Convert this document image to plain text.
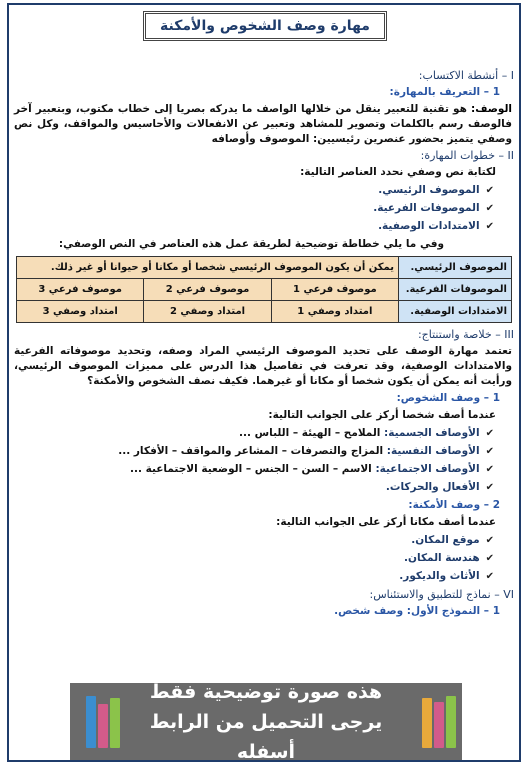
مهارة وصف الشخوص والأمكنة

I – أنشطة الاكتساب:

1 – التعريف بالمهارة:

الوصف: هو تقنية للتعبير ينقل من خلالها الواصف ما يدركه بصريا إلى خطاب مكتوب، وبتعبير آخر فالوصف رسم بالكلمات وتصوير للمشاهد وتعبير عن الانفعالات والأحاسيس والمواقف، وكل نص وصفي يتميز بحضور عنصرين رئيسيين: الموصوف وأوصافه

II – خطوات المهارة:

لكتابة نص وصفي نحدد العناصر التالية:

✔الموصوف الرئيسي.
✔الموصوفات الفرعية.
✔الامتدادات الوصفية.

وفي ما يلي خطاطة توضيحية لطريقة عمل هذه العناصر في النص الوصفي:

الموصوف الرئيسي.	يمكن أن يكون الموصوف الرئيسي شخصا أو مكانا أو حيوانا أو غير ذلك.		
الموصوفات الفرعية.	موصوف فرعي 1	موصوف فرعي 2	موصوف فرعي 3
الامتدادات الوصفية.	امتداد وصفي 1	امتداد وصفي 2	امتداد وصفي 3

III – خلاصة واستنتاج:

تعتمد مهارة الوصف على تحديد الموصوف الرئيسي المراد وصفه، وتحديد موصوفاته الفرعية والامتدادات الوصفية، وقد تعرفت في تفاصيل هذا الدرس على مميزات الموصوف الرئيسي، ورأيت أنه يمكن أن يكون شخصا أو مكانا أو غيرهما. فكيف نصف الشخوص والأمكنة؟

1 – وصف الشخوص:

عندما أصف شخصا أركز على الجوانب التالية:

✔الأوصاف الجسمية: الملامح – الهيئة – اللباس ...
✔الأوصاف النفسية: المزاج والتصرفات – المشاعر والمواقف – الأفكار ...
✔الأوصاف الاجتماعية: الاسم – السن – الجنس – الوضعية الاجتماعية ...
✔الأفعال والحركات.

2 – وصف الأمكنة:

عندما أصف مكانا أركز على الجوانب التالية:

✔موقع المكان.
✔هندسة المكان.
✔الأثاث والديكور.

VI – نماذج للتطبيق والاستئناس:

1 – النموذج الأول: وصف شخص.

هذه صورة توضيحية فقط
يرجى التحميل من الرابط أسفله
